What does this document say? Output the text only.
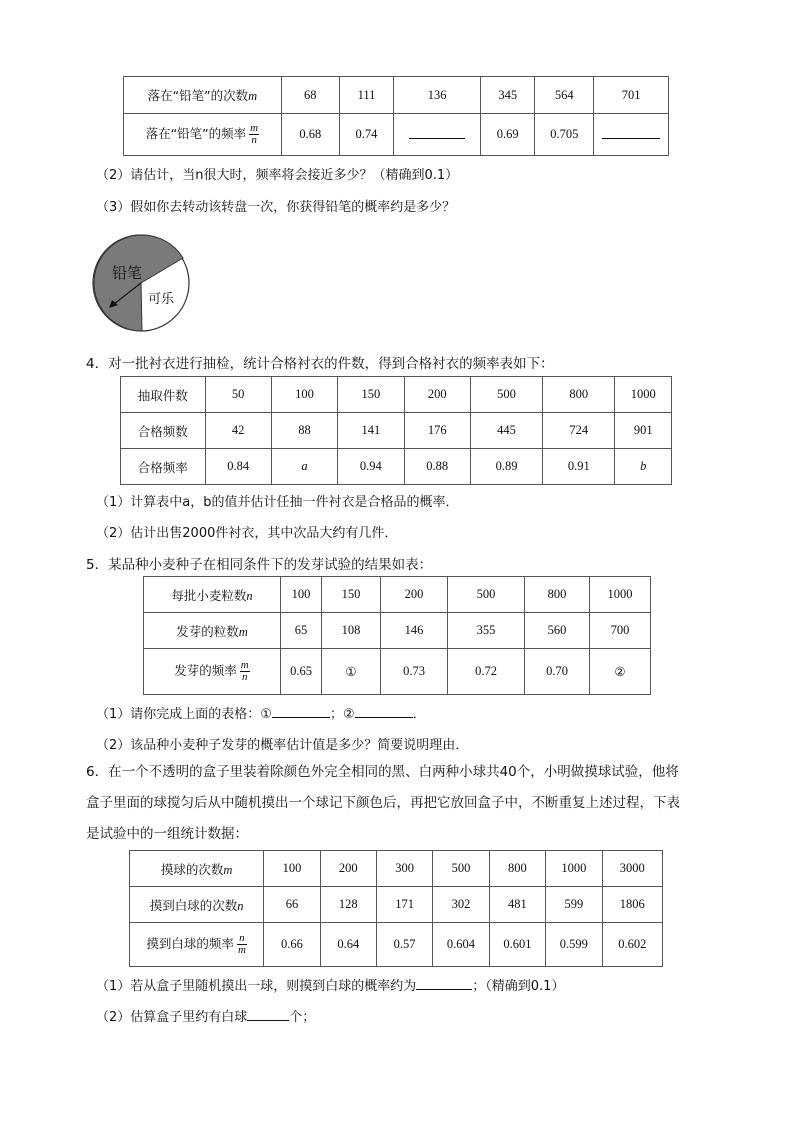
落在“铅笔”的次数m	68	111	136	345	564	701
落在“铅笔”的频率 $\frac{m}{n}$	0.68	0.74		0.69	0.705	
（2）请估计，当n很大时，频率将会接近多少？（精确到0.1）
（3）假如你去转动该转盘一次，你获得铅笔的概率约是多少？
铅笔
可乐
4．对一批衬衣进行抽检，统计合格衬衣的件数，得到合格衬衣的频率表如下：
抽取件数	50	100	150	200	500	800	1000
合格频数	42	88	141	176	445	724	901
合格频率	0.84	a	0.94	0.88	0.89	0.91	b
（1）计算表中a，b的值并估计任抽一件衬衣是合格品的概率．
（2）估计出售2000件衬衣，其中次品大约有几件．
5．某品种小麦种子在相同条件下的发芽试验的结果如表：
每批小麦粒数n	100	150	200	500	800	1000
发芽的粒数m	65	108	146	355	560	700
发芽的频率 $\frac{m}{n}$	0.65	①	0.73	0.72	0.70	②
（1）请你完成上面的表格：①	；②	．
（2）该品种小麦种子发芽的概率估计值是多少？简要说明理由．
6．在一个不透明的盒子里装着除颜色外完全相同的黑、白两种小球共40个，小明做摸球试验，他将
盒子里面的球搅匀后从中随机摸出一个球记下颜色后，再把它放回盒子中，不断重复上述过程，下表
是试验中的一组统计数据：
摸球的次数m	100	200	300	500	800	1000	3000
摸到白球的次数n	66	128	171	302	481	599	1806
摸到白球的频率 $\frac{n}{m}$	0.66	0.64	0.57	0.604	0.601	0.599	0.602
（1）若从盒子里随机摸出一球，则摸到白球的概率约为	；（精确到0.1）
（2）估算盒子里约有白球	个；
